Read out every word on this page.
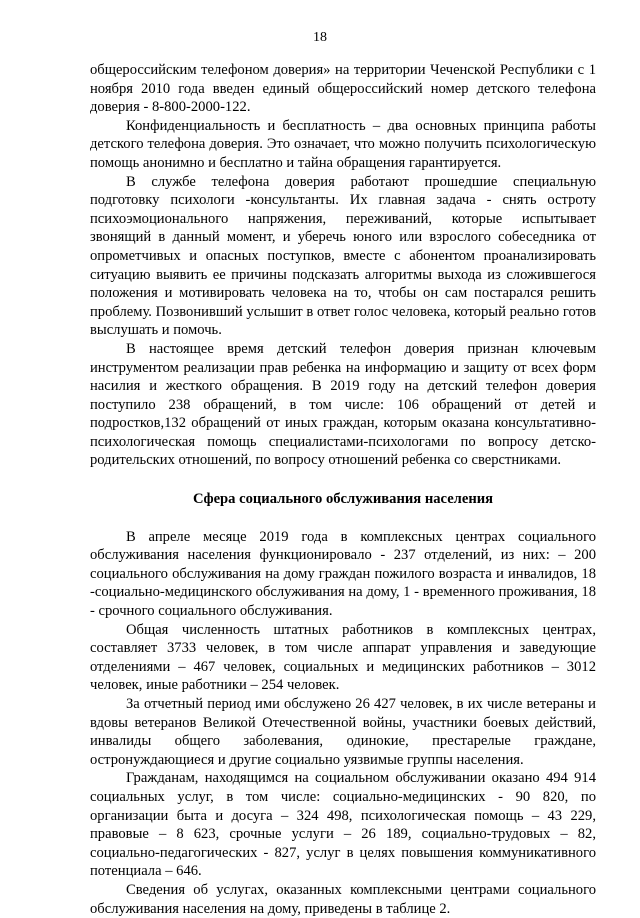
18

общероссийским телефоном доверия» на территории Чеченской Республики с 1 ноября 2010 года введен единый общероссийский номер детского телефона доверия - 8-800-2000-122.

Конфиденциальность и бесплатность – два основных принципа работы детского телефона доверия. Это означает, что можно получить психологическую помощь анонимно и бесплатно и тайна обращения гарантируется.

В службе телефона доверия работают прошедшие специальную подготовку психологи -консультанты. Их главная задача - снять остроту психоэмоционального напряжения, переживаний, которые испытывает звонящий в данный момент, и уберечь юного или взрослого собеседника от опрометчивых и опасных поступков, вместе с абонентом проанализировать ситуацию выявить ее причины подсказать алгоритмы выхода из сложившегося положения и мотивировать человека на то, чтобы он сам постарался решить проблему. Позвонивший услышит в ответ голос человека, который реально готов выслушать и помочь.

В настоящее время детский телефон доверия признан ключевым инструментом реализации прав ребенка на информацию и защиту от всех форм насилия и жесткого обращения. В 2019 году на детский телефон доверия поступило 238 обращений, в том числе: 106 обращений от детей и подростков,132 обращений от иных граждан, которым оказана консультативно-психологическая помощь специалистами-психологами по вопросу детско-родительских отношений, по вопросу отношений ребенка со сверстниками.

Сфера социального обслуживания населения

В апреле месяце 2019 года в комплексных центрах социального обслуживания населения функционировало - 237 отделений, из них: – 200 социального обслуживания на дому граждан пожилого возраста и инвалидов, 18 -социально-медицинского обслуживания на дому, 1 - временного проживания, 18 - срочного социального обслуживания.

Общая численность штатных работников в комплексных центрах, составляет 3733 человек, в том числе аппарат управления и заведующие отделениями – 467 человек, социальных и медицинских работников – 3012 человек, иные работники – 254 человек.

За отчетный период ими обслужено 26 427 человек, в их числе ветераны и вдовы ветеранов Великой Отечественной войны, участники боевых действий, инвалиды общего заболевания, одинокие, престарелые граждане, остронуждающиеся и другие социально уязвимые группы населения.

Гражданам, находящимся на социальном обслуживании оказано 494 914 социальных услуг, в том числе: социально-медицинских - 90 820, по организации быта и досуга – 324 498, психологическая помощь – 43 229, правовые – 8 623, срочные услуги – 26 189, социально-трудовых – 82, социально-педагогических - 827, услуг в целях повышения коммуникативного потенциала – 646.

Сведения об услугах, оказанных комплексными центрами социального обслуживания населения на дому, приведены в таблице 2.
